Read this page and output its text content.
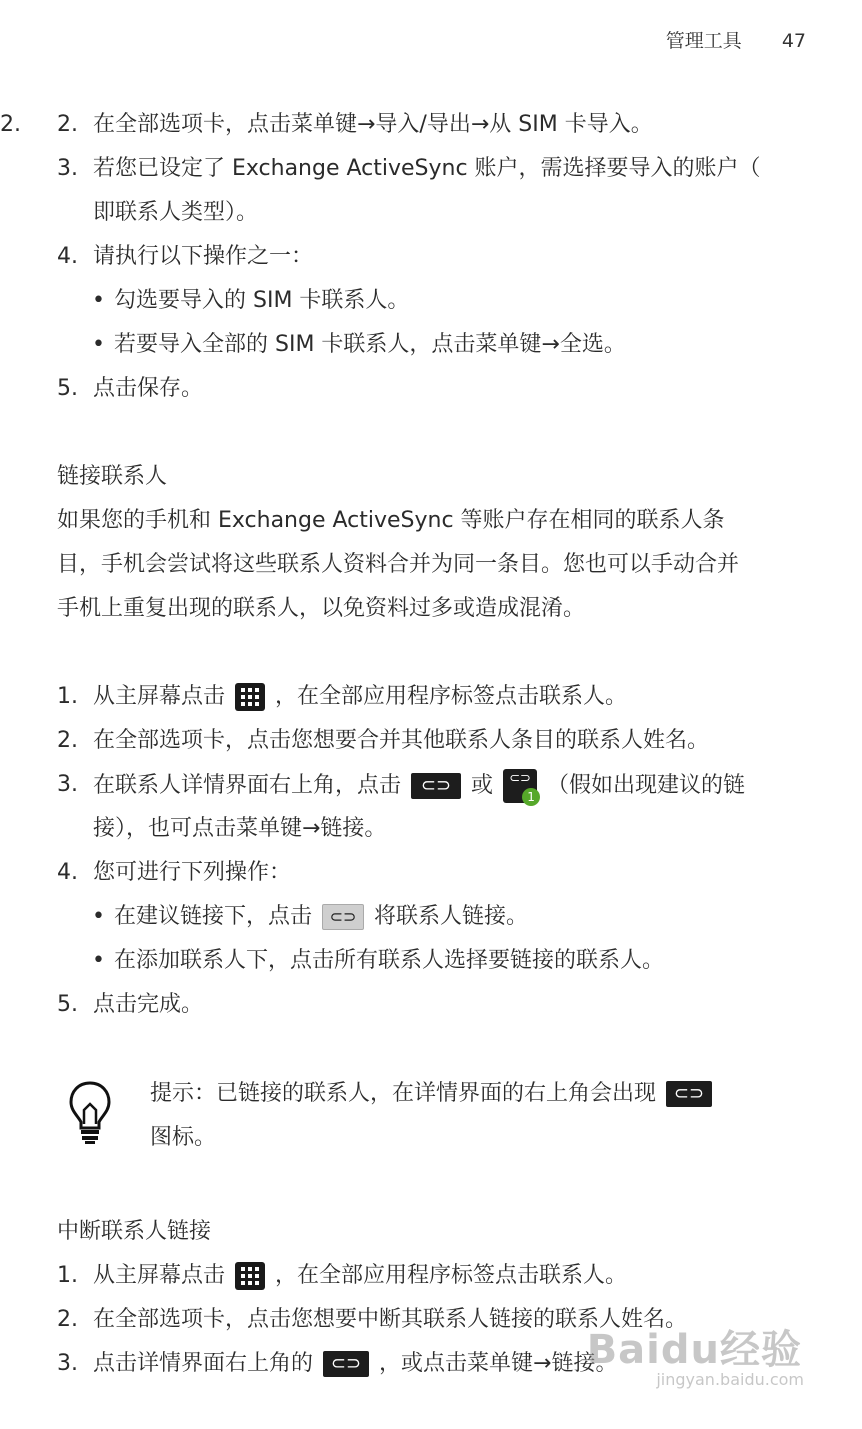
管理工具 47
2. 2. 在全部选项卡，点击菜单键→导入/导出→从 SIM 卡导入。
3. 若您已设定了 Exchange ActiveSync 账户，需选择要导入的账户（
即联系人类型）。
4. 请执行以下操作之一：
• 勾选要导入的 SIM 卡联系人。
• 若要导入全部的 SIM 卡联系人，点击菜单键→全选。
5. 点击保存。
链接联系人
如果您的手机和 Exchange ActiveSync 等账户存在相同的联系人条
目，手机会尝试将这些联系人资料合并为同一条目。您也可以手动合并
手机上重复出现的联系人，以免资料过多或造成混淆。
1. 从主屏幕点击 ，在全部应用程序标签点击联系人。
2. 在全部选项卡，点击您想要合并其他联系人条目的联系人姓名。
3. 在联系人详情界面右上角，点击 ⊂⊃ 或 ⊂⊃
1 （假如出现建议的链
接），也可点击菜单键→链接。
4. 您可进行下列操作：
• 在建议链接下，点击 ⊂⊃ 将联系人链接。
• 在添加联系人下，点击所有联系人选择要链接的联系人。
5. 点击完成。
提示：已链接的联系人，在详情界面的右上角会出现 ⊂⊃
图标。
中断联系人链接
1. 从主屏幕点击 ，在全部应用程序标签点击联系人。
2. 在全部选项卡，点击您想要中断其联系人链接的联系人姓名。
3. 点击详情界面右上角的 ⊂⊃ ，或点击菜单键→链接。
Baidu经验
jingyan.baidu.com
